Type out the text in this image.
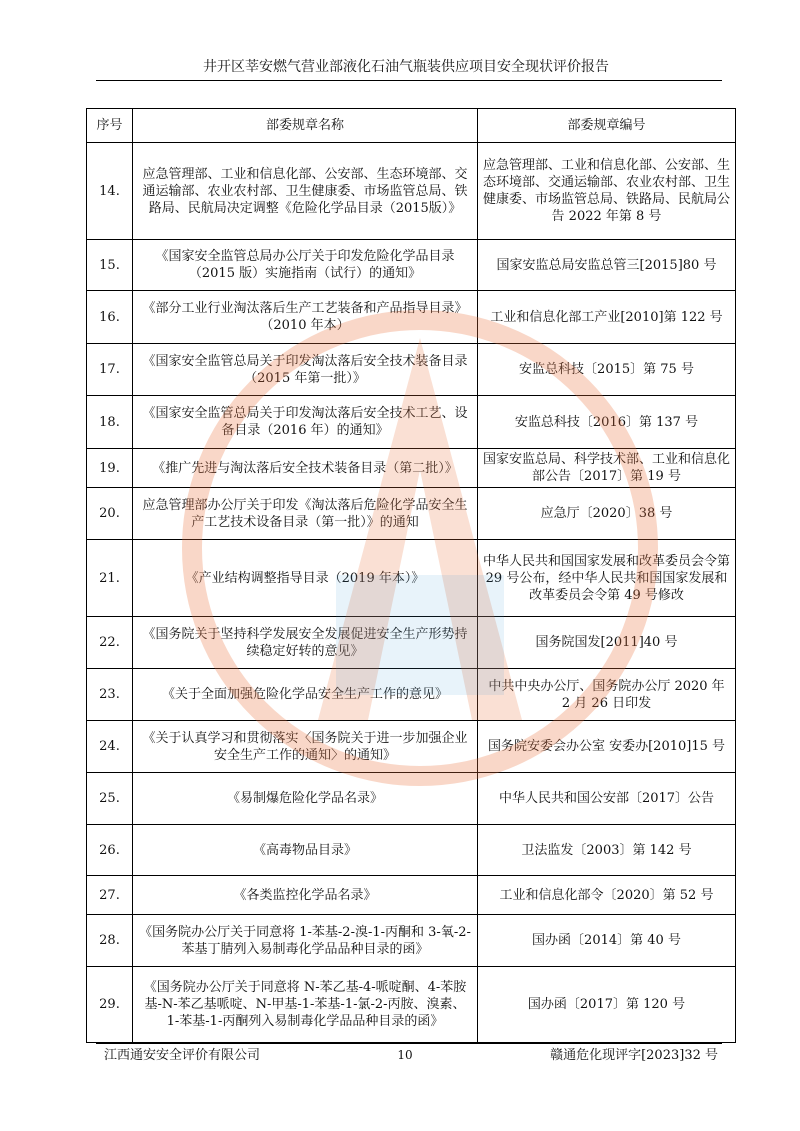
井开区莘安燃气营业部液化石油气瓶装供应项目安全现状评价报告
序号	部委规章名称	部委规章编号
14.	应急管理部、工业和信息化部、公安部、生态环境部、交通运输部、农业农村部、卫生健康委、市场监管总局、铁路局、民航局决定调整《危险化学品目录（2015版）》	应急管理部、工业和信息化部、公安部、生态环境部、交通运输部、农业农村部、卫生健康委、市场监管总局、铁路局、民航局公告 2022 年第 8 号
15.	《国家安全监管总局办公厅关于印发危险化学品目录（2015 版）实施指南（试行）的通知》	国家安监总局安监总管三[2015]80 号
16.	《部分工业行业淘汰落后生产工艺装备和产品指导目录》（2010 年本）	工业和信息化部工产业[2010]第 122 号
17.	《国家安全监管总局关于印发淘汰落后安全技术装备目录（2015 年第一批）》	安监总科技〔2015〕第 75 号
18.	《国家安全监管总局关于印发淘汰落后安全技术工艺、设备目录（2016 年）的通知》	安监总科技〔2016〕第 137 号
19.	《推广先进与淘汰落后安全技术装备目录（第二批）》	国家安监总局、科学技术部、工业和信息化部公告〔2017〕第 19 号
20.	应急管理部办公厅关于印发《淘汰落后危险化学品安全生产工艺技术设备目录（第一批）》的通知	应急厅〔2020〕38 号
21.	《产业结构调整指导目录（2019 年本）》	中华人民共和国国家发展和改革委员会令第 29 号公布，经中华人民共和国国家发展和改革委员会令第 49 号修改
22.	《国务院关于坚持科学发展安全发展促进安全生产形势持续稳定好转的意见》	国务院国发[2011]40 号
23.	《关于全面加强危险化学品安全生产工作的意见》	中共中央办公厅、国务院办公厅 2020 年 2 月 26 日印发
24.	《关于认真学习和贯彻落实〈国务院关于进一步加强企业安全生产工作的通知〉的通知》	国务院安委会办公室 安委办[2010]15 号
25.	《易制爆危险化学品名录》	中华人民共和国公安部〔2017〕公告
26.	《高毒物品目录》	卫法监发〔2003〕第 142 号
27.	《各类监控化学品名录》	工业和信息化部令〔2020〕第 52 号
28.	《国务院办公厅关于同意将 1-苯基-2-溴-1-丙酮和 3-氧-2-苯基丁腈列入易制毒化学品品种目录的函》	国办函〔2014〕第 40 号
29.	《国务院办公厅关于同意将 N-苯乙基-4-哌啶酮、4-苯胺基-N-苯乙基哌啶、N-甲基-1-苯基-1-氯-2-丙胺、溴素、1-苯基-1-丙酮列入易制毒化学品品种目录的函》	国办函〔2017〕第 120 号
江西通安安全评价有限公司	10	赣通危化现评字[2023]32 号
